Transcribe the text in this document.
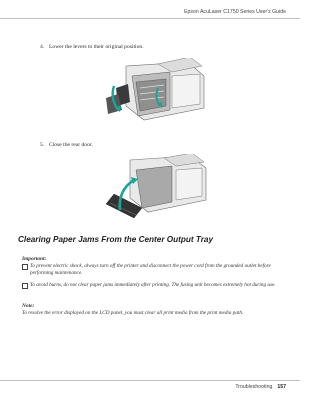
Epson AcuLaser C1750 Series User's Guide
4. Lower the levers to their original position.
5. Close the rear door.
Clearing Paper Jams From the Center Output Tray
Important:
To prevent electric shock, always turn off the printer and disconnect the power cord from the grounded outlet before performing maintenance.
To avoid burns, do not clear paper jams immediately after printing. The fusing unit becomes extremely hot during use.
Note:
To resolve the error displayed on the LCD panel, you must clear all print media from the print media path.
Troubleshooting 157
